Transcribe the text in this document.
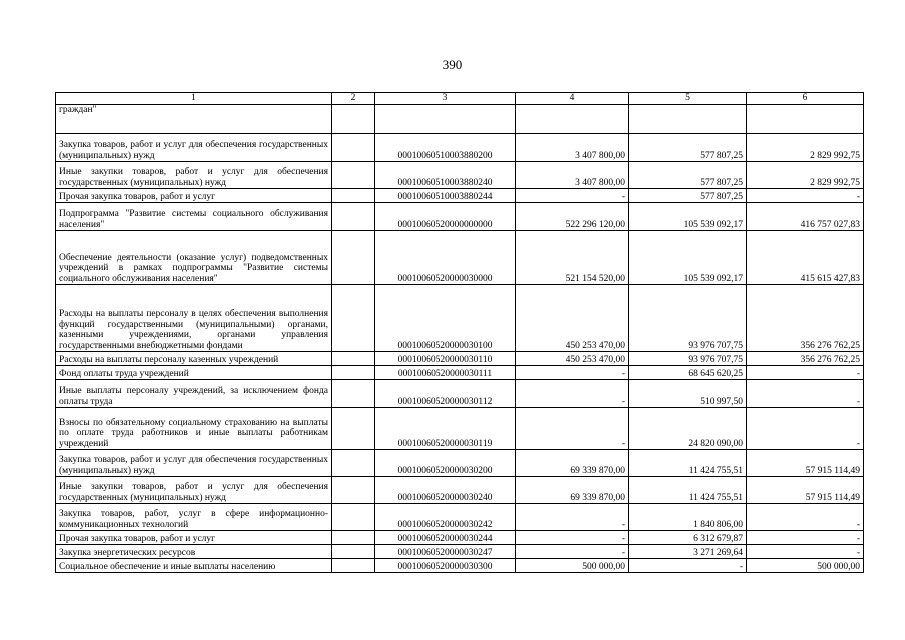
390
1	2	3	4	5	6
граждан"					
Закупка товаров, работ и услуг для обеспечения государственных (муниципальных) нужд		00010060510003880200	3 407 800,00	577 807,25	2 829 992,75
Иные закупки товаров, работ и услуг для обеспечения государственных (муниципальных) нужд		00010060510003880240	3 407 800,00	577 807,25	2 829 992,75
Прочая закупка товаров, работ и услуг		00010060510003880244	-	577 807,25	-
Подпрограмма "Развитие системы социального обслуживания населения"		00010060520000000000	522 296 120,00	105 539 092,17	416 757 027,83
Обеспечение деятельности (оказание услуг) подведомственных учреждений в рамках подпрограммы "Развитие системы социального обслуживания населения"		00010060520000030000	521 154 520,00	105 539 092,17	415 615 427,83
Расходы на выплаты персоналу в целях обеспечения выполнения функций государственными (муниципальными) органами, казенными учреждениями, органами управления государственными внебюджетными фондами		00010060520000030100	450 253 470,00	93 976 707,75	356 276 762,25
Расходы на выплаты персоналу казенных учреждений		00010060520000030110	450 253 470,00	93 976 707,75	356 276 762,25
Фонд оплаты труда учреждений		00010060520000030111	-	68 645 620,25	-
Иные выплаты персоналу учреждений, за исключением фонда оплаты труда		00010060520000030112	-	510 997,50	-
Взносы по обязательному социальному страхованию на выплаты по оплате труда работников и иные выплаты работникам учреждений		00010060520000030119	-	24 820 090,00	-
Закупка товаров, работ и услуг для обеспечения государственных (муниципальных) нужд		00010060520000030200	69 339 870,00	11 424 755,51	57 915 114,49
Иные закупки товаров, работ и услуг для обеспечения государственных (муниципальных) нужд		00010060520000030240	69 339 870,00	11 424 755,51	57 915 114,49
Закупка товаров, работ, услуг в сфере информационно-коммуникационных технологий		00010060520000030242	-	1 840 806,00	-
Прочая закупка товаров, работ и услуг		00010060520000030244	-	6 312 679,87	-
Закупка энергетических ресурсов		00010060520000030247	-	3 271 269,64	-
Социальное обеспечение и иные выплаты населению		00010060520000030300	500 000,00	-	500 000,00
